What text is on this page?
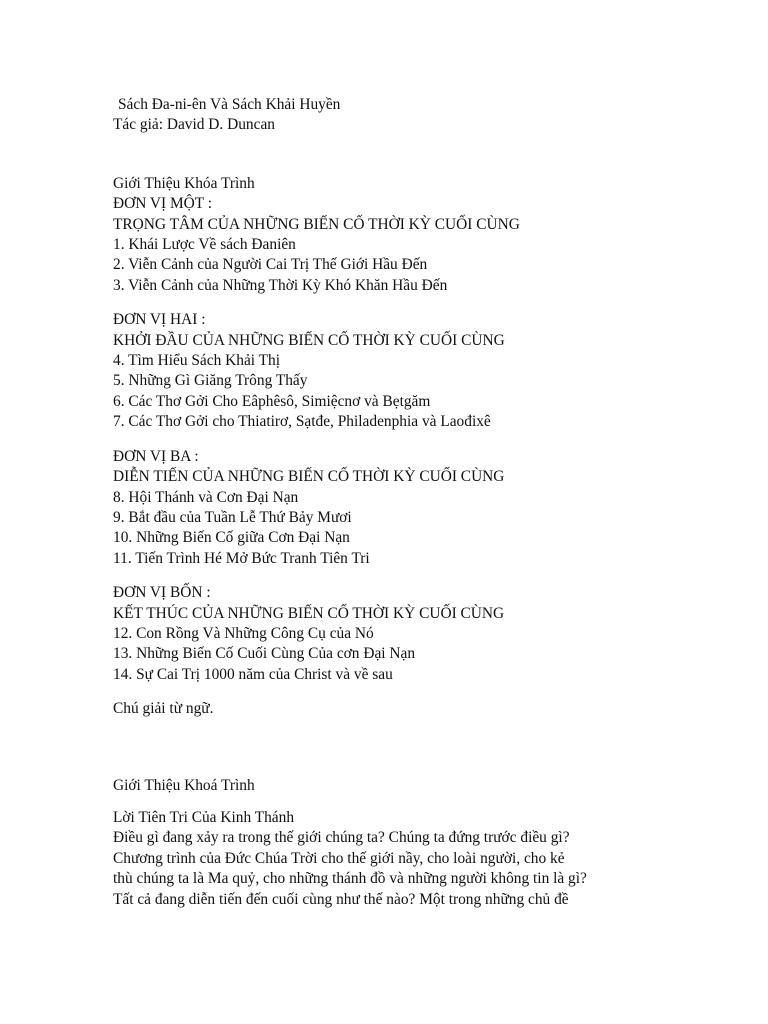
Sách Đa-ni-ên Và Sách Khải Huyền
Tác giả: David D. Duncan
Giới Thiệu Khóa Trình
ĐƠN VỊ MỘT :
TRỌNG TÂM CỦA NHỮNG BIẾN CỐ THỜI KỲ CUỐI CÙNG
1. Khái Lược Về sách Đaniên
2. Viễn Cảnh của Người Cai Trị Thế Giới Hầu Đến
3. Viễn Cảnh của Những Thời Kỳ Khó Khăn Hầu Đến
ĐƠN VỊ HAI :
KHỞI ĐẦU CỦA NHỮNG BIẾN CỐ THỜI KỲ CUỐI CÙNG
4. Tìm Hiểu Sách Khải Thị
5. Những Gì Giăng Trông Thấy
6. Các Thơ Gởi Cho Eâphêsô, Simiệcnơ và Bẹtgăm
7. Các Thơ Gởi cho Thiatirơ, Sạtđe, Philadenphia và Laođixê
ĐƠN VỊ BA :
DIỄN TIẾN CỦA NHỮNG BIẾN CỐ THỜI KỲ CUỐI CÙNG
8. Hội Thánh và Cơn Đại Nạn
9. Bắt đầu của Tuần Lễ Thứ Bảy Mươi
10. Những Biến Cố giữa Cơn Đại Nạn
11. Tiến Trình Hé Mở Bức Tranh Tiên Tri
ĐƠN VỊ BỐN :
KẾT THÚC CỦA NHỮNG BIẾN CỐ THỜI KỲ CUỐI CÙNG
12. Con Rồng Và Những Công Cụ của Nó
13. Những Biến Cố Cuối Cùng Của cơn Đại Nạn
14. Sự Cai Trị 1000 năm của Christ và về sau
Chú giải từ ngữ.
Giới Thiệu Khoá Trình
Lời Tiên Tri Của Kinh Thánh
Điều gì đang xảy ra trong thế giới chúng ta? Chúng ta đứng trước điều gì?
Chương trình của Đức Chúa Trời cho thế giới nầy, cho loài người, cho kẻ
thù chúng ta là Ma quỷ, cho những thánh đồ và những người không tin là gì?
Tất cả đang diễn tiến đến cuối cùng như thế nào? Một trong những chủ đề
